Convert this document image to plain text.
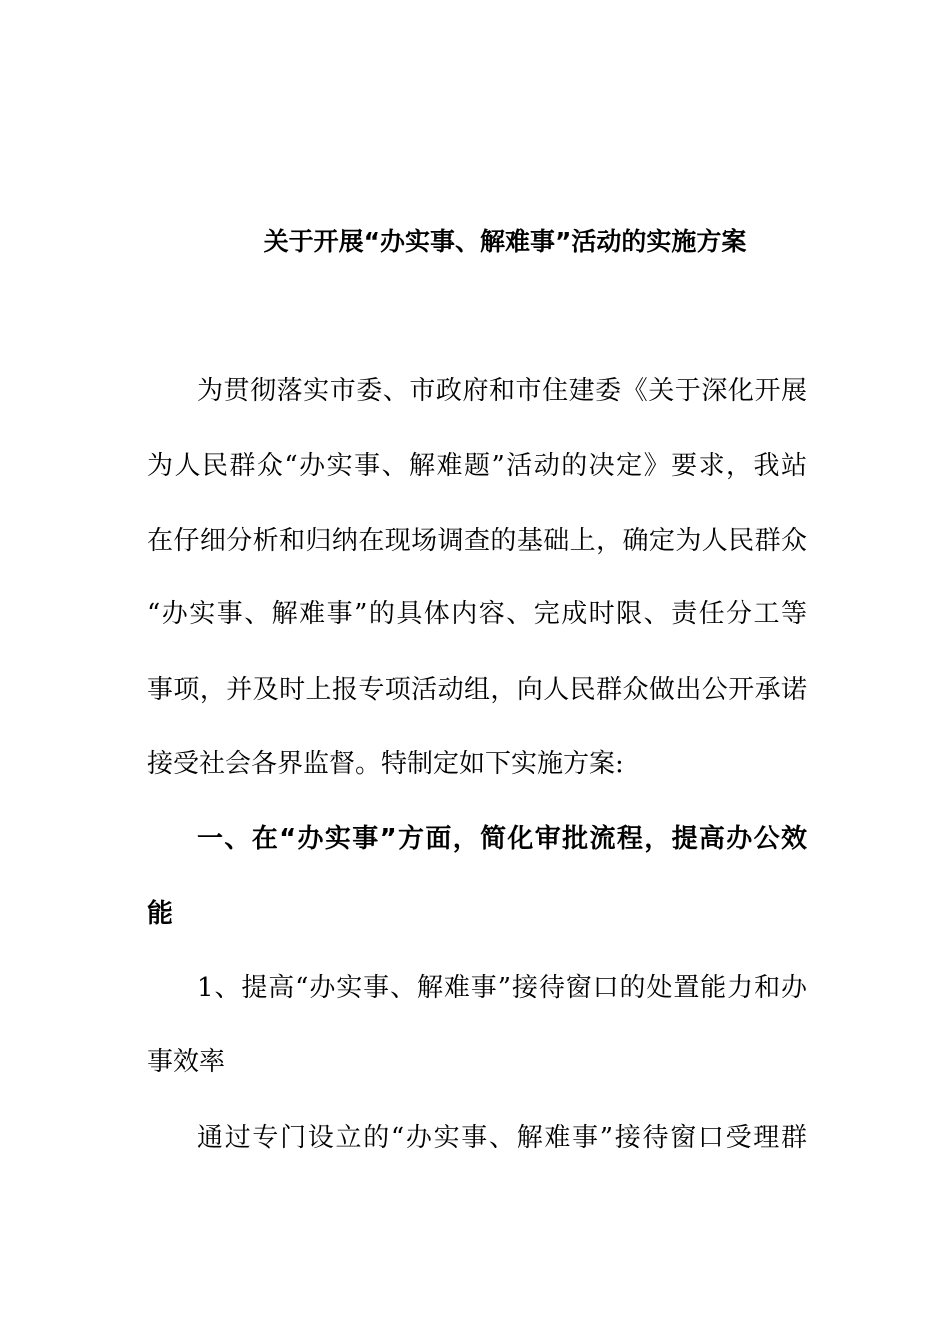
关于开展“办实事、解难事”活动的实施方案
为贯彻落实市委、市政府和市住建委《关于深化开展
为人民群众“办实事、解难题”活动的决定》要求，我站
在仔细分析和归纳在现场调查的基础上，确定为人民群众
“办实事、解难事”的具体内容、完成时限、责任分工等
事项，并及时上报专项活动组，向人民群众做出公开承诺
接受社会各界监督。特制定如下实施方案:
一、在“办实事”方面，简化审批流程，提高办公效
能
1、提高“办实事、解难事”接待窗口的处置能力和办
事效率
通过专门设立的“办实事、解难事”接待窗口受理群
